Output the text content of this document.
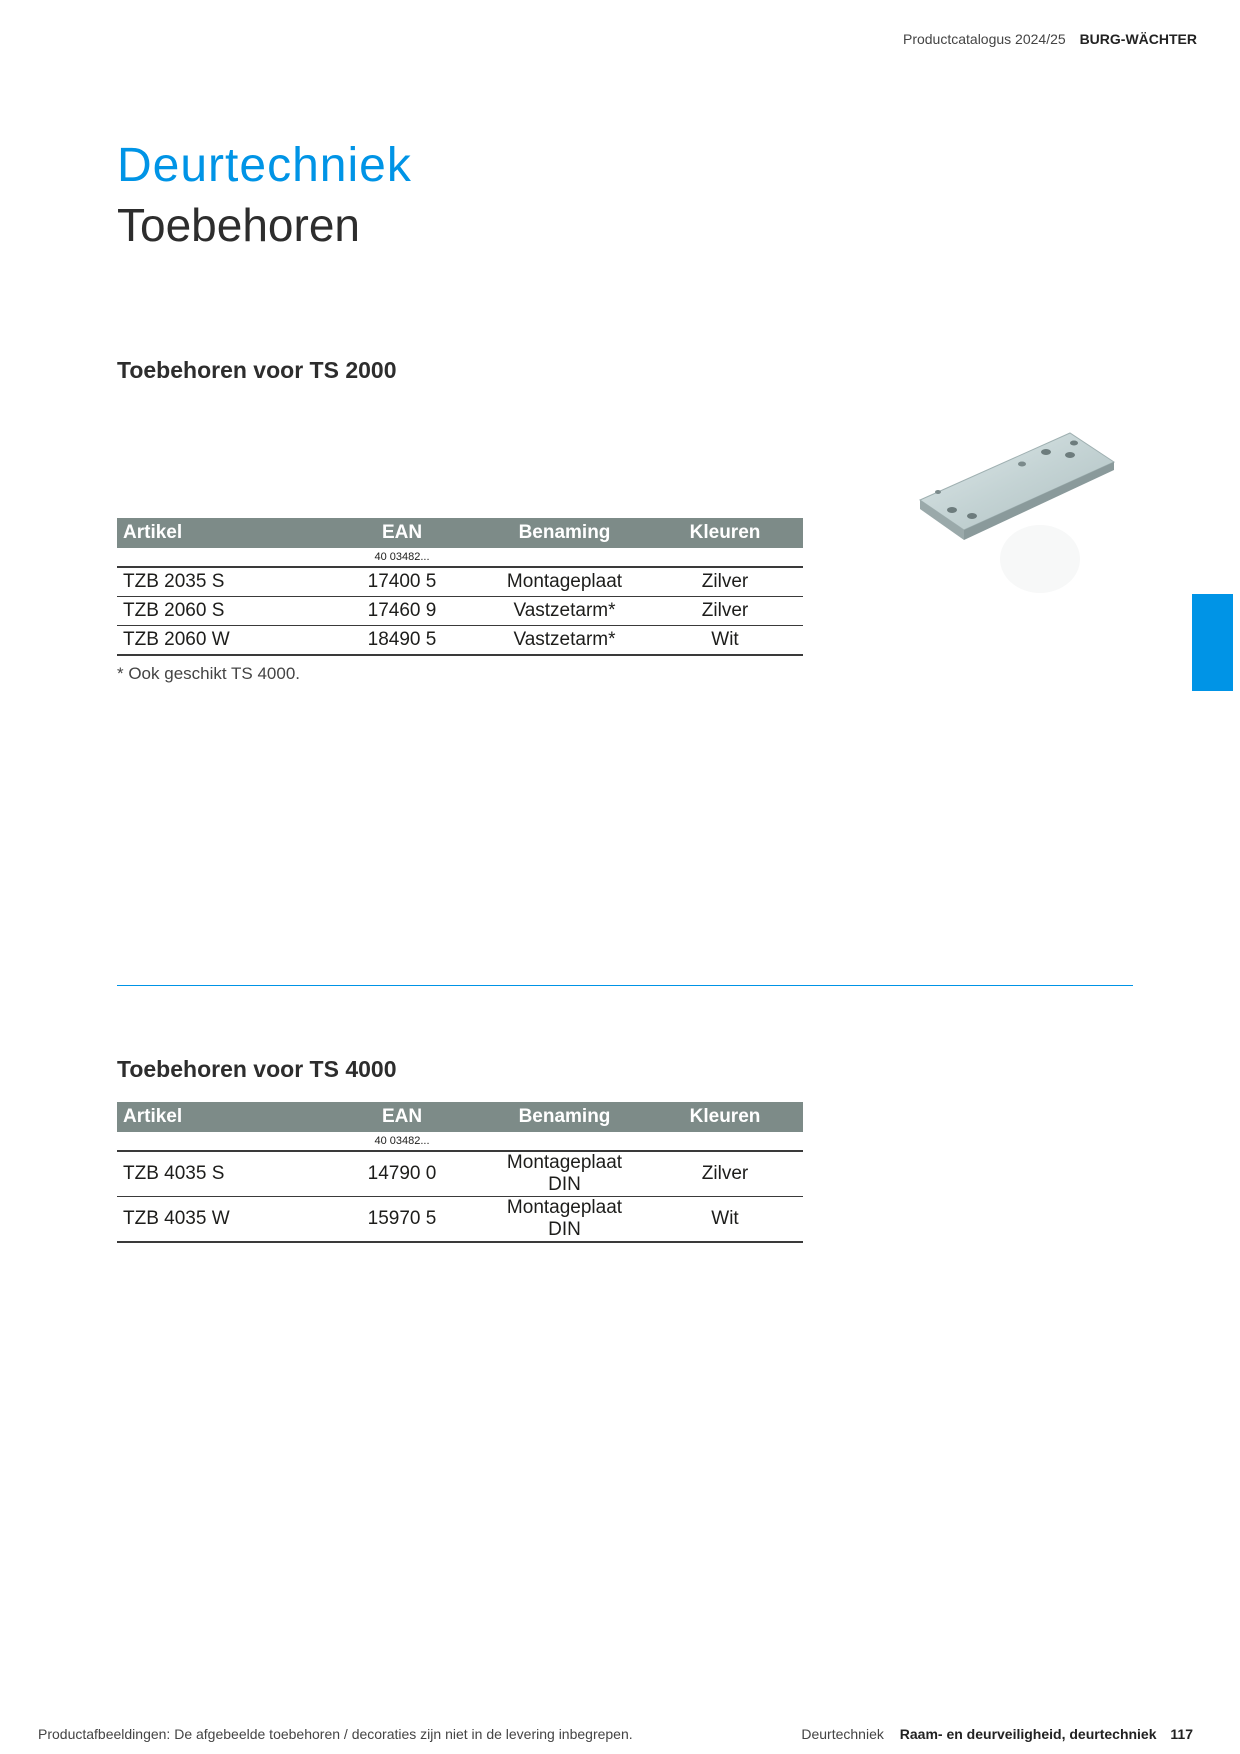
Productcatalogus 2024/25 BURG-WÄCHTER
Deurtechniek
Toebehoren
Toebehoren voor TS 2000
Artikel	EAN	Benaming	Kleuren
	40 03482...		
TZB 2035 S	17400 5	Montageplaat	Zilver
TZB 2060 S	17460 9	Vastzetarm*	Zilver
TZB 2060 W	18490 5	Vastzetarm*	Wit
* Ook geschikt TS 4000.
Toebehoren voor TS 4000
Artikel	EAN	Benaming	Kleuren
	40 03482...		
TZB 4035 S	14790 0	Montageplaat DIN	Zilver
TZB 4035 W	15970 5	Montageplaat DIN	Wit
Productafbeeldingen: De afgebeelde toebehoren / decoraties zijn niet in de levering inbegrepen.	Deurtechniek Raam- en deurveiligheid, deurtechniek 117
